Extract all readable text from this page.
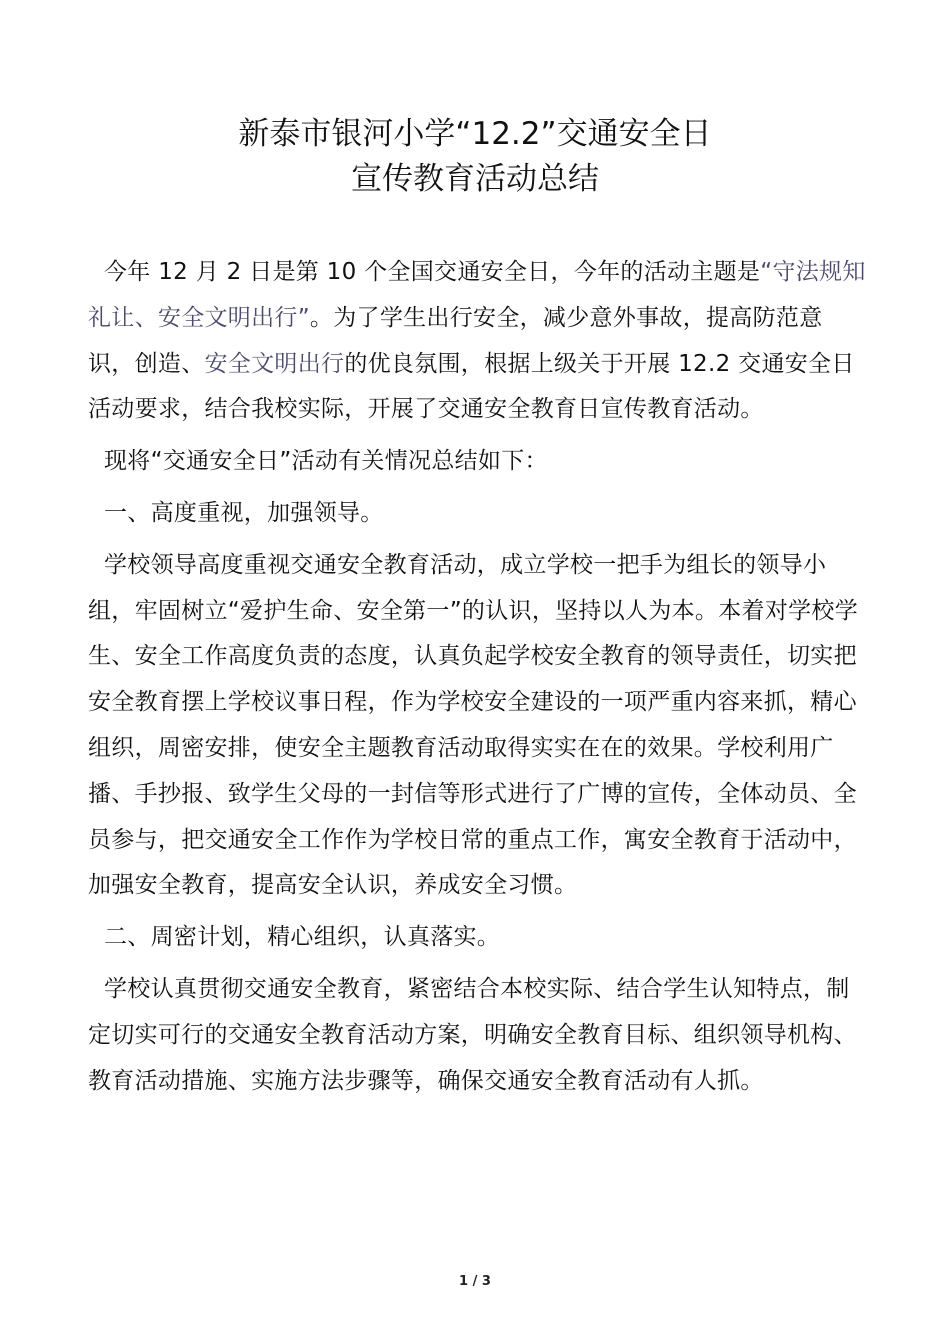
新泰市银河小学“12.2”交通安全日
宣传教育活动总结

今年 12 月 2 日是第 10 个全国交通安全日，今年的活动主题是“守法规知礼让、安全文明出行”。为了学生出行安全，减少意外事故，提高防范意识，创造、安全文明出行的优良氛围，根据上级关于开展 12.2 交通安全日活动要求，结合我校实际，开展了交通安全教育日宣传教育活动。

现将“交通安全日”活动有关情况总结如下：

一、高度重视，加强领导。

学校领导高度重视交通安全教育活动，成立学校一把手为组长的领导小组，牢固树立“爱护生命、安全第一”的认识，坚持以人为本。本着对学校学生、安全工作高度负责的态度，认真负起学校安全教育的领导责任，切实把安全教育摆上学校议事日程，作为学校安全建设的一项严重内容来抓，精心组织，周密安排，使安全主题教育活动取得实实在在的效果。学校利用广播、手抄报、致学生父母的一封信等形式进行了广博的宣传，全体动员、全员参与，把交通安全工作作为学校日常的重点工作，寓安全教育于活动中，加强安全教育，提高安全认识，养成安全习惯。

二、周密计划，精心组织，认真落实。

学校认真贯彻交通安全教育，紧密结合本校实际、结合学生认知特点，制定切实可行的交通安全教育活动方案，明确安全教育目标、组织领导机构、教育活动措施、实施方法步骤等，确保交通安全教育活动有人抓。

1 / 3
